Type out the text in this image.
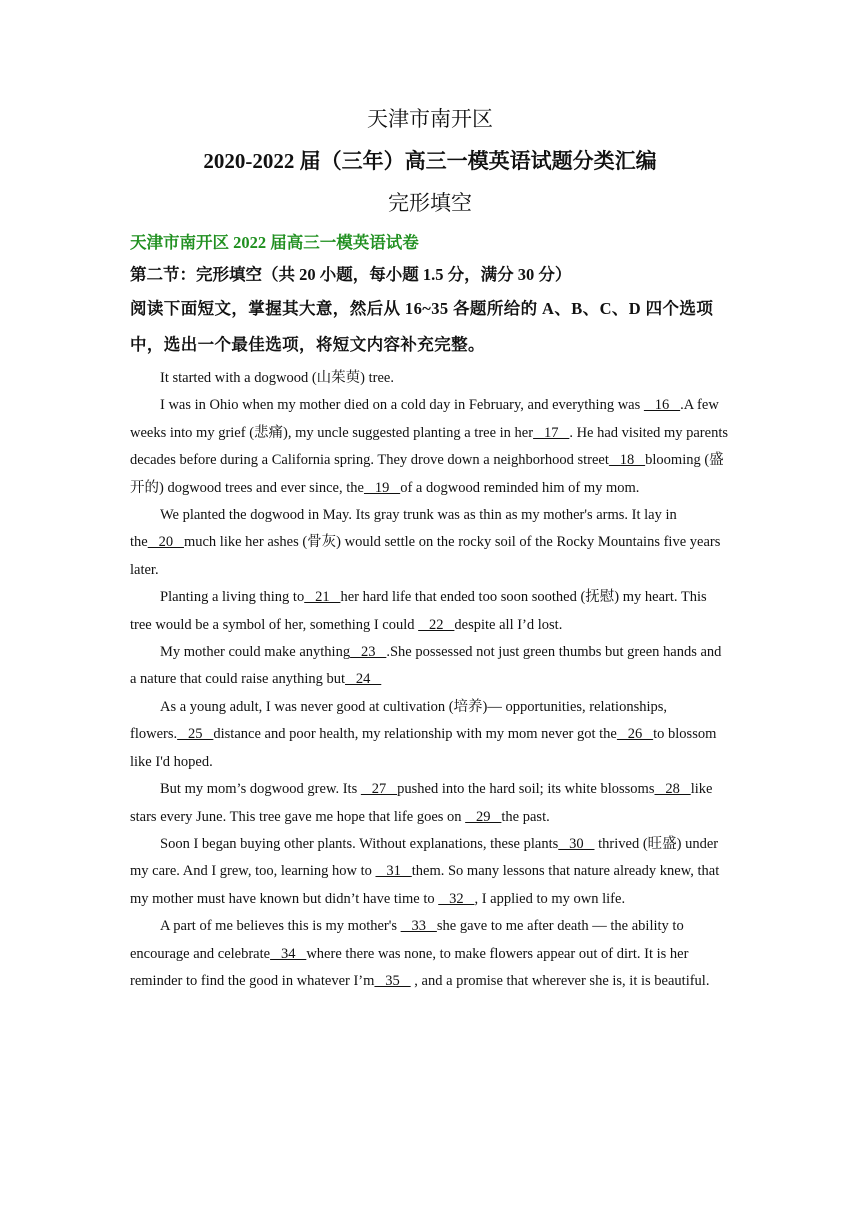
天津市南开区
2020-2022 届（三年）高三一模英语试题分类汇编
完形填空
天津市南开区 2022 届高三一模英语试卷
第二节：完形填空（共 20 小题，每小题 1.5 分，满分 30 分）
阅读下面短文，掌握其大意，然后从 16~35 各题所给的 A、B、C、D 四个选项中，选出一个最佳选项，将短文内容补充完整。

It started with a dogwood (山茱萸) tree.

I was in Ohio when my mother died on a cold day in February, and everything was    16   .A few weeks into my grief (悲痛), my uncle suggested planting a tree in her   17   . He had visited my parents decades before during a California spring. They drove down a neighborhood street   18   blooming (盛开的) dogwood trees and ever since, the   19   of a dogwood reminded him of my mom.

We planted the dogwood in May. Its gray trunk was as thin as my mother's arms. It lay in the   20   much like her ashes (骨灰) would settle on the rocky soil of the Rocky Mountains five years later.

Planting a living thing to   21   her hard life that ended too soon soothed (抚慰) my heart. This tree would be a symbol of her, something I could    22   despite all I’d lost.

My mother could make anything   23   .She possessed not just green thumbs but green hands and a nature that could raise anything but   24

As a young adult, I was never good at cultivation (培养)— opportunities, relationships, flowers.   25   distance and poor health, my relationship with my mom never got the   26   to blossom like I'd hoped.

But my mom’s dogwood grew. Its    27   pushed into the hard soil; its white blossoms   28   like stars every June. This tree gave me hope that life goes on    29   the past.

Soon I began buying other plants. Without explanations, these plants   30    thrived (旺盛) under my care. And I grew, too, learning how to    31   them. So many lessons that nature already knew, that my mother must have known but didn’t have time to    32   , I applied to my own life.

A part of me believes this is my mother's    33   she gave to me after death — the ability to encourage and celebrate   34   where there was none, to make flowers appear out of dirt. It is her reminder to find the good in whatever I’m   35    , and a promise that wherever she is, it is beautiful.
